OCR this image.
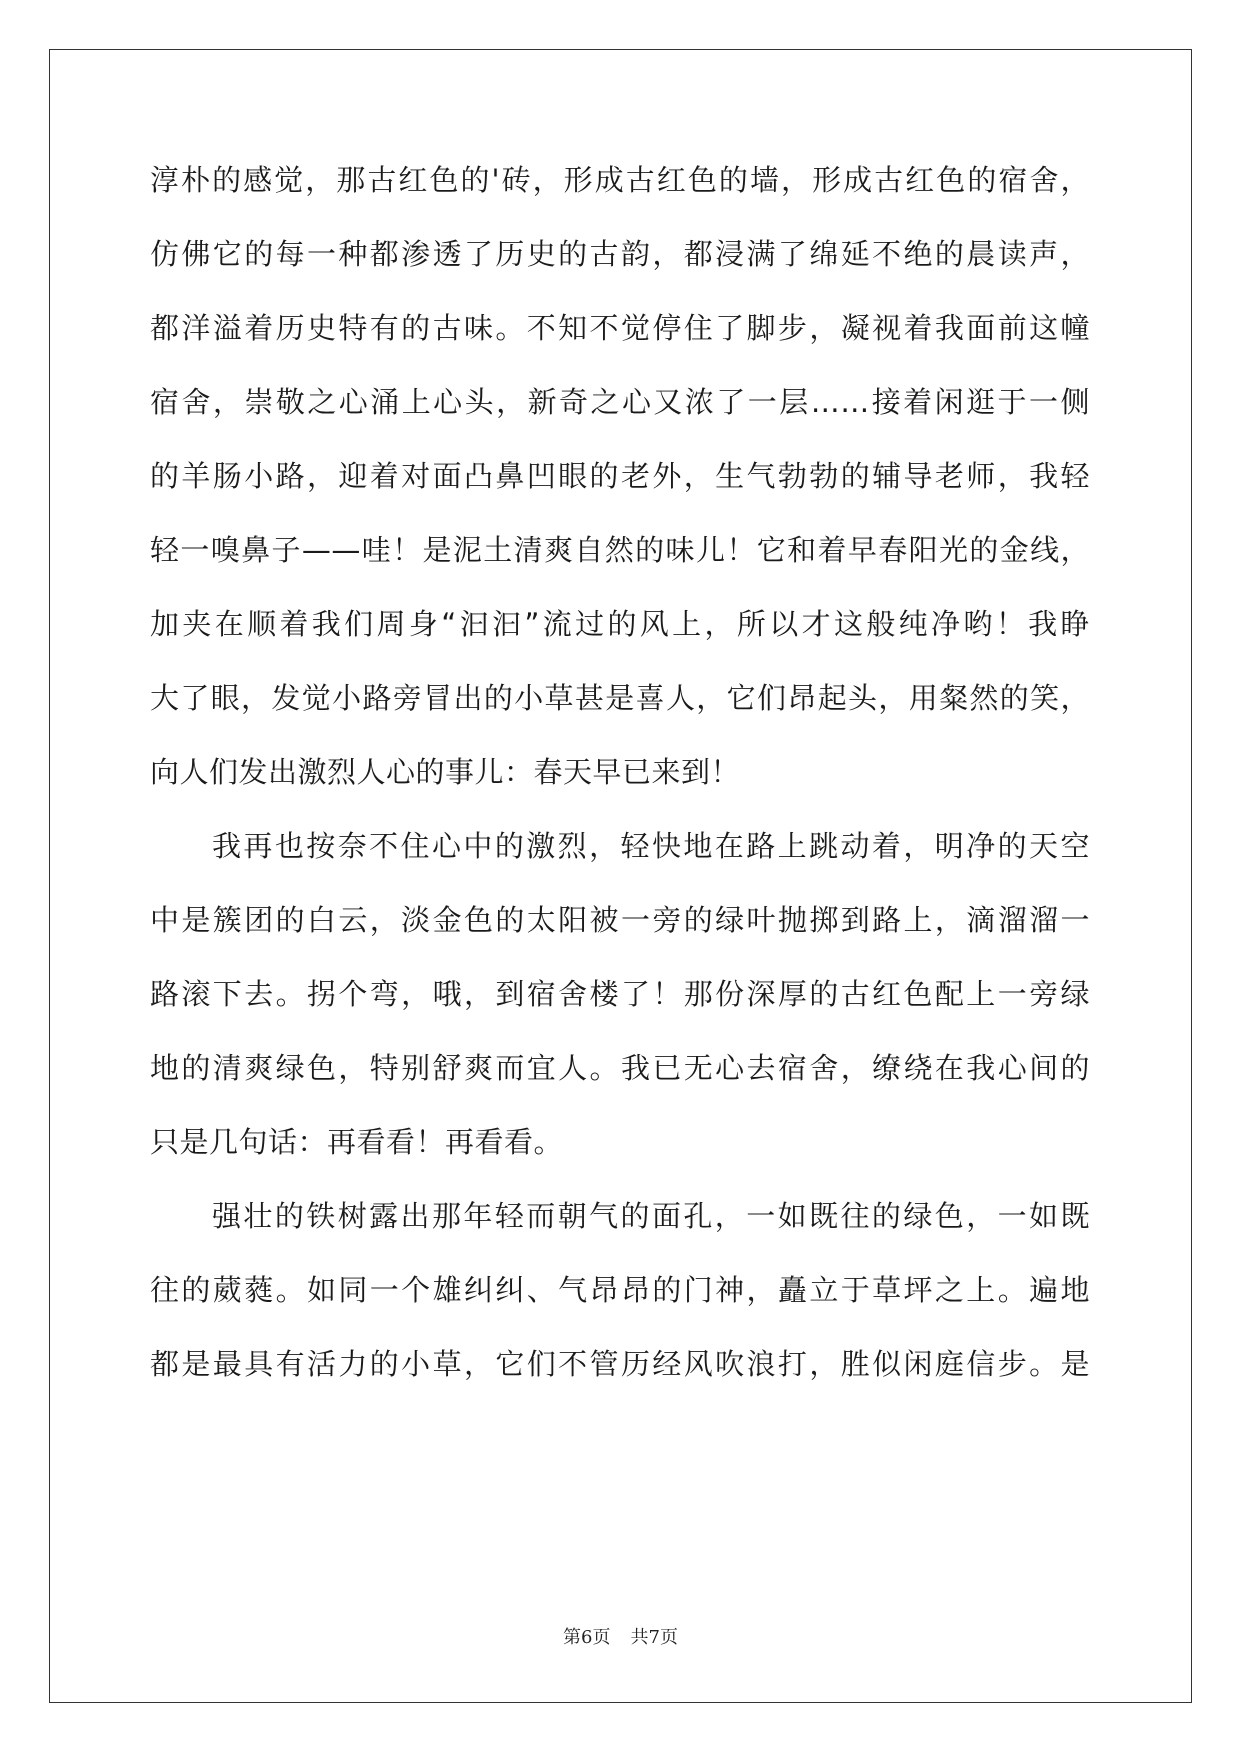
淳朴的感觉，那古红色的'砖，形成古红色的墙，形成古红色的宿舍，
仿佛它的每一种都渗透了历史的古韵，都浸满了绵延不绝的晨读声，
都洋溢着历史特有的古味。不知不觉停住了脚步，凝视着我面前这幢
宿舍，崇敬之心涌上心头，新奇之心又浓了一层……接着闲逛于一侧
的羊肠小路，迎着对面凸鼻凹眼的老外，生气勃勃的辅导老师，我轻
轻一嗅鼻子——哇！是泥土清爽自然的味儿！它和着早春阳光的金线，
加夹在顺着我们周身“汩汩”流过的风上，所以才这般纯净哟！我睁
大了眼，发觉小路旁冒出的小草甚是喜人，它们昂起头，用粲然的笑，
向人们发出激烈人心的事儿：春天早已来到！
我再也按奈不住心中的激烈，轻快地在路上跳动着，明净的天空
中是簇团的白云，淡金色的太阳被一旁的绿叶抛掷到路上，滴溜溜一
路滚下去。拐个弯，哦，到宿舍楼了！那份深厚的古红色配上一旁绿
地的清爽绿色，特别舒爽而宜人。我已无心去宿舍，缭绕在我心间的
只是几句话：再看看！再看看。
强壮的铁树露出那年轻而朝气的面孔，一如既往的绿色，一如既
往的葳蕤。如同一个雄纠纠、气昂昂的门神，矗立于草坪之上。遍地
都是最具有活力的小草，它们不管历经风吹浪打，胜似闲庭信步。是
第6页 共7页
